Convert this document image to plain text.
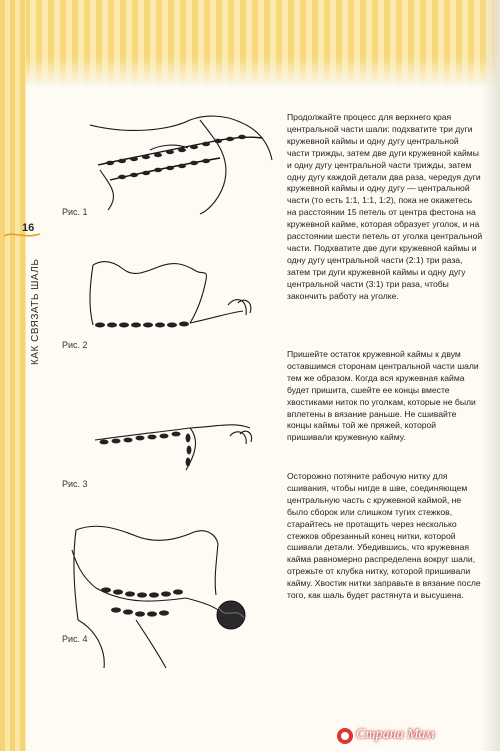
16
КАК СВЯЗАТЬ ШАЛЬ
Рис. 1
Рис. 2
Рис. 3
Рис. 4

Продолжайте процесс для верхнего края центральной части шали: подхватите три дуги кружевной каймы и одну дугу центральной части трижды, затем две дуги кружевной каймы и одну дугу центральной части трижды, затем одну дугу каждой детали два раза, чередуя дуги кружевной каймы и одну дугу — центральной части (то есть 1:1, 1:1, 1:2), пока не окажетесь на расстоянии 15 петель от центра фестона на кружевной кайме, которая образует уголок, и на расстоянии шести петель от уголка центральной части. Подхватите две дуги кружевной каймы и одну дугу центральной части (2:1) три раза, затем три дуги кружевной каймы и одну дугу центральной части (3:1) три раза, чтобы закончить работу на уголке.

Пришейте остаток кружевной каймы к двум оставшимся сторонам центральной части шали тем же образом. Когда вся кружевная кайма будет пришита, сшейте ее концы вместе хвостиками ниток по уголкам, которые не были вплетены в вязание раньше. Не сшивайте концы каймы той же пряжей, которой пришивали кружевную кайму.

Осторожно потяните рабочую нитку для сшивания, чтобы нигде в шве, соединяющем центральную часть с кружевной каймой, не было сборок или слишком тугих стежков, старайтесь не протащить через несколько стежков обрезанный конец нитки, которой сшивали детали. Убедившись, что кружевная кайма равномерно распределена вокруг шали, отрежьте от клубка нитку, которой пришивали кайму. Хвостик нитки заправьте в вязание после того, как шаль будет растянута и высушена.

Страна Мам
